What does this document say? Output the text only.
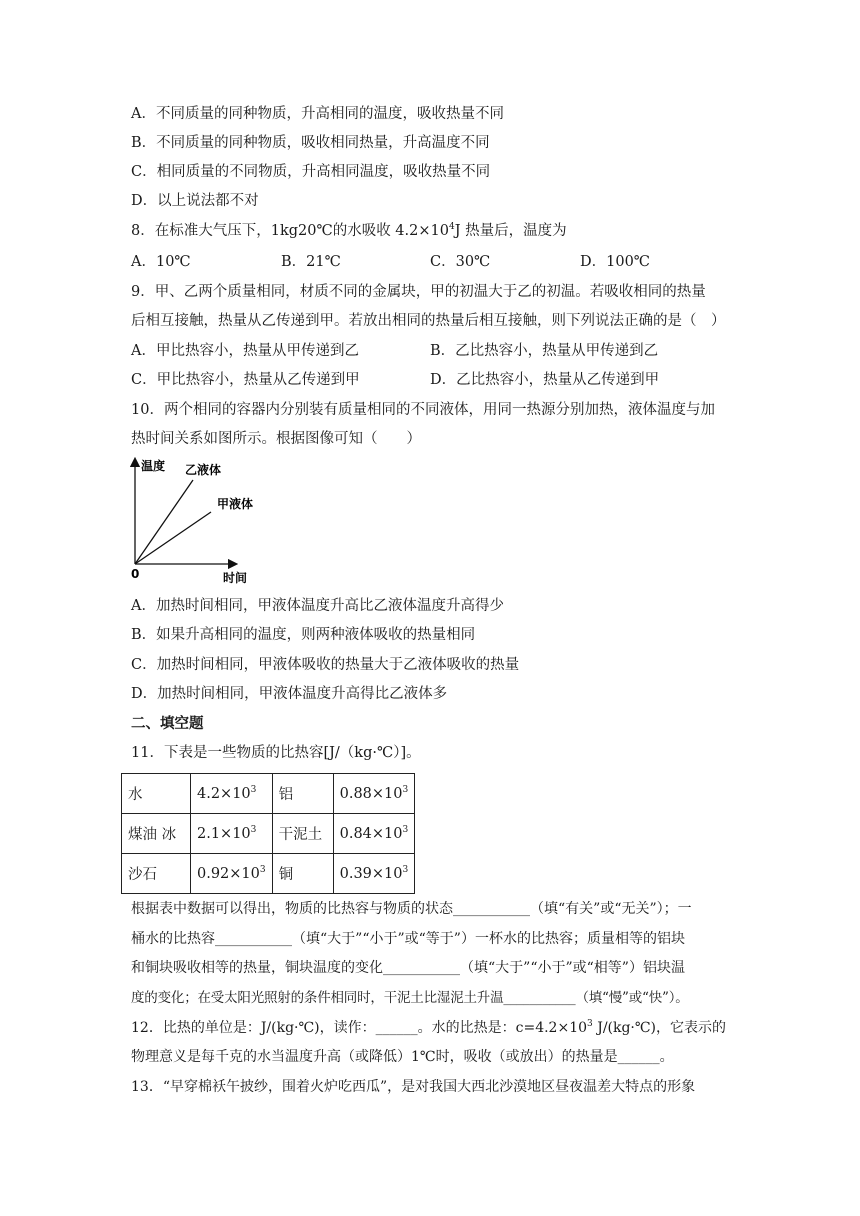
A．不同质量的同种物质，升高相同的温度，吸收热量不同
B．不同质量的同种物质，吸收相同热量，升高温度不同
C．相同质量的不同物质，升高相同温度，吸收热量不同
D．以上说法都不对
8．在标准大气压下，1kg20℃的水吸收 $4.2\times 10^4J$ 热量后，温度为
A．10℃	B．21℃	C．30℃	D．100℃
9．甲、乙两个质量相同，材质不同的金属块，甲的初温大于乙的初温。若吸收相同的热量
后相互接触，热量从乙传递到甲。若放出相同的热量后相互接触，则下列说法正确的是（　）
A．甲比热容小，热量从甲传递到乙	B．乙比热容小，热量从甲传递到乙
C．甲比热容小，热量从乙传递到甲	D．乙比热容小，热量从乙传递到甲
10．两个相同的容器内分别装有质量相同的不同液体，用同一热源分别加热，液体温度与加
热时间关系如图所示。根据图像可知（　　）
温度 乙液体
甲液体
0	时间
A．加热时间相同，甲液体温度升高比乙液体温度升高得少
B．如果升高相同的温度，则两种液体吸收的热量相同
C．加热时间相同，甲液体吸收的热量大于乙液体吸收的热量
D．加热时间相同，甲液体温度升高得比乙液体多
二、填空题
11．下表是一些物质的比热容[J/（kg·℃）]。
水	$4.2\times 10^3$	铝	$0.88\times 10^3$
煤油 冰	$2.1\times 10^3$	干泥土	$0.84\times 10^3$
沙石	$0.92\times 10^3$	铜	$0.39\times 10^3$
根据表中数据可以得出，物质的比热容与物质的状态___________（填“有关”或“无关”）；一
桶水的比热容___________（填“大于”“小于”或“等于”）一杯水的比热容；质量相等的铝块
和铜块吸收相等的热量，铜块温度的变化___________（填“大于”“小于”或“相等”）铝块温
度的变化；在受太阳光照射的条件相同时，干泥土比湿泥土升温___________（填“慢”或“快”）。
12．比热的单位是：J/(kg·℃)，读作：______。水的比热是：$c=4.2\times 10^3$ J/(kg·℃)，它表示的
物理意义是每千克的水当温度升高（或降低）1℃时，吸收（或放出）的热量是______。
13．“早穿棉袄午披纱，围着火炉吃西瓜”，是对我国大西北沙漠地区昼夜温差大特点的形象
